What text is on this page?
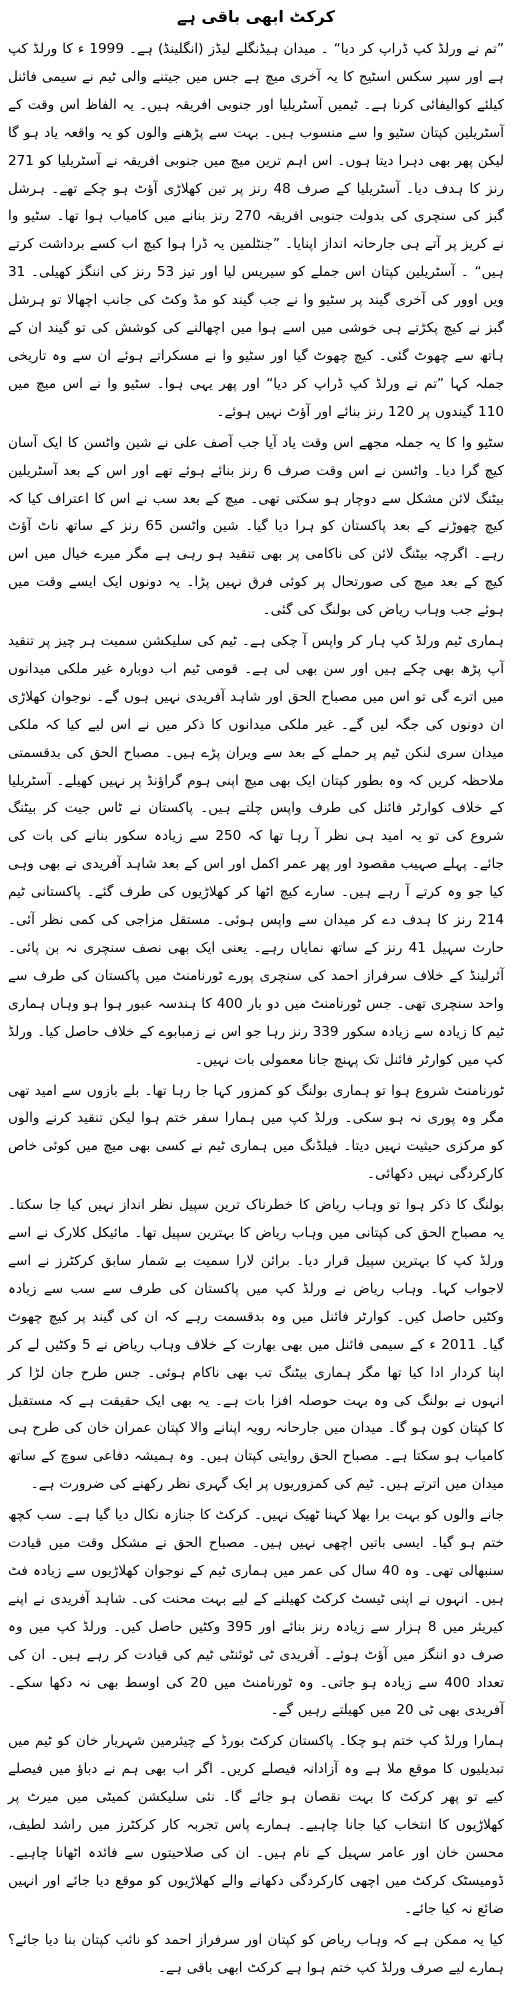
کرکٹ ابھی باقی ہے

”تم نے ورلڈ کپ ڈراپ کر دیا“ ۔ میدان ہیڈنگلے لیڈز (انگلینڈ) ہے۔ 1999 ء کا ورلڈ کپ ہے اور سپر سکس اسٹیج کا یہ آخری میچ ہے جس میں جیتنے والی ٹیم نے سیمی فائنل کیلئے کوالیفائی کرنا ہے۔ ٹیمیں آسٹریلیا اور جنوبی افریقہ ہیں۔ یہ الفاظ اس وقت کے آسٹریلین کپتان سٹیو وا سے منسوب ہیں۔ بہت سے پڑھنے والوں کو یہ واقعہ یاد ہو گا لیکن پھر بھی دہرا دیتا ہوں۔ اس اہم ترین میچ میں جنوبی افریقہ نے آسٹریلیا کو 271 رنز کا ہدف دیا۔ آسٹریلیا کے صرف 48 رنز پر تین کھلاڑی آؤٹ ہو چکے تھے۔ ہرشل گبز کی سنچری کی بدولت جنوبی افریقہ 270 رنز بنانے میں کامیاب ہوا تھا۔ سٹیو وا نے کریز پر آتے ہی جارحانہ انداز اپنایا۔ ”جنٹلمین یہ ڈرا ہوا کیچ اب کسے برداشت کرتے ہیں“ ۔ آسٹریلین کپتان اس جملے کو سیریس لیا اور تیز 53 رنز کی اننگز کھیلی۔ 31 ویں اوور کی آخری گیند پر سٹیو وا نے جب گیند کو مڈ وکٹ کی جانب اچھالا تو ہرشل گبز نے کیچ پکڑتے ہی خوشی میں اسے ہوا میں اچھالنے کی کوشش کی تو گیند ان کے ہاتھ سے چھوٹ گئی۔ کیچ چھوٹ گیا اور سٹیو وا نے مسکراتے ہوئے ان سے وہ تاریخی جملہ کہا ”تم نے ورلڈ کپ ڈراپ کر دیا“ اور پھر یہی ہوا۔ سٹیو وا نے اس میچ میں 110 گیندوں پر 120 رنز بنائے اور آؤٹ نہیں ہوئے۔

سٹیو وا کا یہ جملہ مجھے اس وقت یاد آیا جب آصف علی نے شین واٹسن کا ایک آسان کیچ گرا دیا۔ واٹسن نے اس وقت صرف 6 رنز بنائے ہوئے تھے اور اس کے بعد آسٹریلین بیٹنگ لائن مشکل سے دوچار ہو سکتی تھی۔ میچ کے بعد سب نے اس کا اعتراف کیا کہ کیچ چھوڑنے کے بعد پاکستان کو ہرا دیا گیا۔ شین واٹسن 65 رنز کے ساتھ ناٹ آؤٹ رہے۔ اگرچہ بیٹنگ لائن کی ناکامی پر بھی تنقید ہو رہی ہے مگر میرے خیال میں اس کیچ کے بعد میچ کی صورتحال پر کوئی فرق نہیں پڑا۔ یہ دونوں ایک ایسے وقت میں ہوئے جب وہاب ریاض کی بولنگ کی گئی۔

ہماری ٹیم ورلڈ کپ ہار کر واپس آ چکی ہے۔ ٹیم کی سلیکشن سمیت ہر چیز پر تنقید آپ پڑھ بھی چکے ہیں اور سن بھی لی ہے۔ قومی ٹیم اب دوبارہ غیر ملکی میدانوں میں اترے گی تو اس میں مصباح الحق اور شاہد آفریدی نہیں ہوں گے۔ نوجوان کھلاڑی ان دونوں کی جگہ لیں گے۔ غیر ملکی میدانوں کا ذکر میں نے اس لیے کیا کہ ملکی میدان سری لنکن ٹیم پر حملے کے بعد سے ویران پڑے ہیں۔ مصباح الحق کی بدقسمتی ملاحظہ کریں کہ وہ بطور کپتان ایک بھی میچ اپنی ہوم گراؤنڈ پر نہیں کھیلے۔ آسٹریلیا کے خلاف کوارٹر فائنل کی طرف واپس چلتے ہیں۔ پاکستان نے ٹاس جیت کر بیٹنگ شروع کی تو یہ امید ہی نظر آ رہا تھا کہ 250 سے زیادہ سکور بنانے کی بات کی جائے۔ پہلے صہیب مقصود اور پھر عمر اکمل اور اس کے بعد شاہد آفریدی نے بھی وہی کیا جو وہ کرتے آ رہے ہیں۔ سارے کیچ اٹھا کر کھلاڑیوں کی طرف گئے۔ پاکستانی ٹیم 214 رنز کا ہدف دے کر میدان سے واپس ہوئی۔ مستقل مزاجی کی کمی نظر آئی۔ حارث سہیل 41 رنز کے ساتھ نمایاں رہے۔ یعنی ایک بھی نصف سنچری نہ بن پائی۔ آئرلینڈ کے خلاف سرفراز احمد کی سنچری پورے ٹورنامنٹ میں پاکستان کی طرف سے واحد سنچری تھی۔ جس ٹورنامنٹ میں دو بار 400 کا ہندسہ عبور ہوا ہو وہاں ہماری ٹیم کا زیادہ سے زیادہ سکور 339 رنز رہا جو اس نے زمبابوے کے خلاف حاصل کیا۔ ورلڈ کپ میں کوارٹر فائنل تک پہنچ جانا معمولی بات نہیں۔

ٹورنامنٹ شروع ہوا تو ہماری بولنگ کو کمزور کہا جا رہا تھا۔ بلے بازوں سے امید تھی مگر وہ پوری نہ ہو سکی۔ ورلڈ کپ میں ہمارا سفر ختم ہوا لیکن تنقید کرنے والوں کو مرکزی حیثیت نہیں دیتا۔ فیلڈنگ میں ہماری ٹیم نے کسی بھی میچ میں کوئی خاص کارکردگی نہیں دکھائی۔

بولنگ کا ذکر ہوا تو وہاب ریاض کا خطرناک ترین سپیل نظر انداز نہیں کیا جا سکتا۔ یہ مصباح الحق کی کپتانی میں وہاب ریاض کا بہترین سپیل تھا۔ مائیکل کلارک نے اسے ورلڈ کپ کا بہترین سپیل قرار دیا۔ برائن لارا سمیت بے شمار سابق کرکٹرز نے اسے لاجواب کہا۔ وہاب ریاض نے ورلڈ کپ میں پاکستان کی طرف سے سب سے زیادہ وکٹیں حاصل کیں۔ کوارٹر فائنل میں وہ بدقسمت رہے کہ ان کی گیند پر کیچ چھوٹ گیا۔ 2011 ء کے سیمی فائنل میں بھی بھارت کے خلاف وہاب ریاض نے 5 وکٹیں لے کر اپنا کردار ادا کیا تھا مگر ہماری بیٹنگ تب بھی ناکام ہوئی۔ جس طرح جان لڑا کر انہوں نے بولنگ کی وہ بہت حوصلہ افزا بات ہے۔ یہ بھی ایک حقیقت ہے کہ مستقبل کا کپتان کون ہو گا۔ میدان میں جارحانہ رویہ اپنانے والا کپتان عمران خان کی طرح ہی کامیاب ہو سکتا ہے۔ مصباح الحق روایتی کپتان ہیں۔ وہ ہمیشہ دفاعی سوچ کے ساتھ میدان میں اترتے ہیں۔ ٹیم کی کمزوریوں پر ایک گہری نظر رکھنے کی ضرورت ہے۔

جانے والوں کو بہت برا بھلا کہنا ٹھیک نہیں۔ کرکٹ کا جنازہ نکال دیا گیا ہے۔ سب کچھ ختم ہو گیا۔ ایسی باتیں اچھی نہیں ہیں۔ مصباح الحق نے مشکل وقت میں قیادت سنبھالی تھی۔ وہ 40 سال کی عمر میں ہماری ٹیم کے نوجوان کھلاڑیوں سے زیادہ فٹ ہیں۔ انہوں نے اپنی ٹیسٹ کرکٹ کھیلنے کے لیے بہت محنت کی۔ شاہد آفریدی نے اپنے کیریئر میں 8 ہزار سے زیادہ رنز بنائے اور 395 وکٹیں حاصل کیں۔ ورلڈ کپ میں وہ صرف دو اننگز میں آؤٹ ہوئے۔ آفریدی ٹی ٹوئنٹی ٹیم کی قیادت کر رہے ہیں۔ ان کی تعداد 400 سے زیادہ ہو جاتی۔ وہ ٹورنامنٹ میں 20 کی اوسط بھی نہ دکھا سکے۔ آفریدی بھی ٹی 20 میں کھیلتے رہیں گے۔

ہمارا ورلڈ کپ ختم ہو چکا۔ پاکستان کرکٹ بورڈ کے چیئرمین شہریار خان کو ٹیم میں تبدیلیوں کا موقع ملا ہے وہ آزادانہ فیصلے کریں۔ اگر اب بھی ہم نے دباؤ میں فیصلے کیے تو پھر کرکٹ کا بہت نقصان ہو جائے گا۔ نئی سلیکشن کمیٹی میں میرٹ پر کھلاڑیوں کا انتخاب کیا جانا چاہیے۔ ہمارے پاس تجربہ کار کرکٹرز میں راشد لطیف، محسن خان اور عامر سہیل کے نام ہیں۔ ان کی صلاحیتوں سے فائدہ اٹھانا چاہیے۔ ڈومیسٹک کرکٹ میں اچھی کارکردگی دکھانے والے کھلاڑیوں کو موقع دیا جائے اور انہیں ضائع نہ کیا جائے۔

کیا یہ ممکن ہے کہ وہاب ریاض کو کپتان اور سرفراز احمد کو نائب کپتان بنا دیا جائے؟ ہمارے لیے صرف ورلڈ کپ ختم ہوا ہے کرکٹ ابھی باقی ہے۔
